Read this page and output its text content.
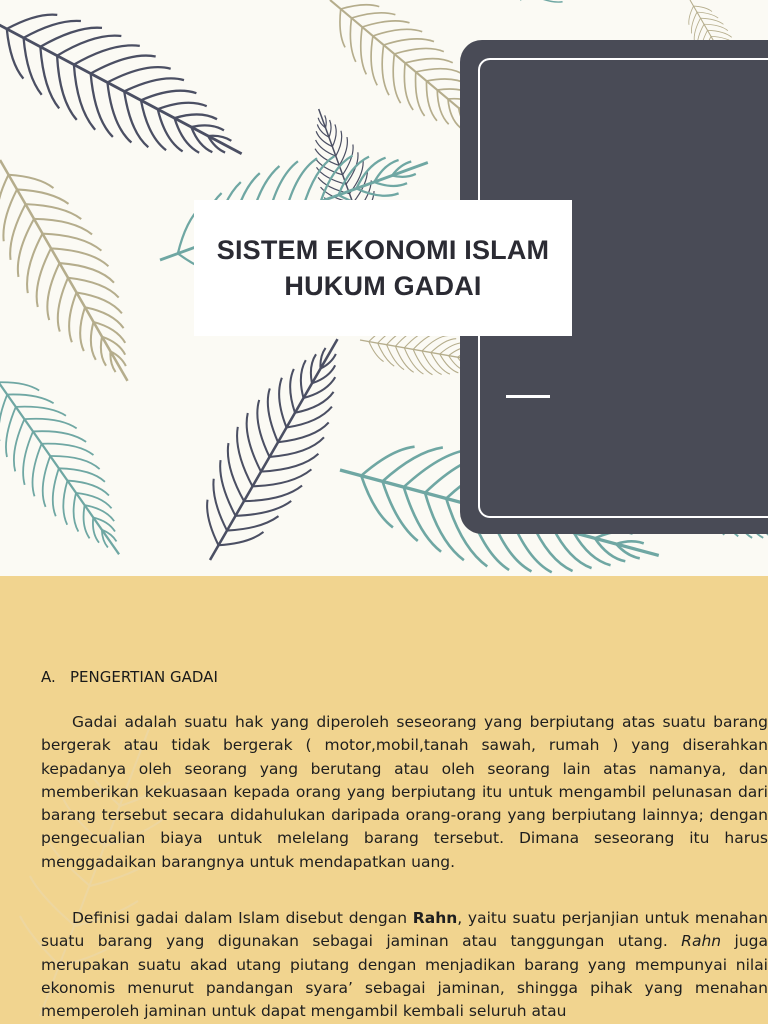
SISTEM EKONOMI ISLAM
HUKUM GADAI
A. PENGERTIAN GADAI

Gadai adalah suatu hak yang diperoleh seseorang yang berpiutang atas suatu barang bergerak atau tidak bergerak ( motor,mobil,tanah sawah, rumah ) yang diserahkan kepadanya oleh seorang yang berutang atau oleh seorang lain atas namanya, dan memberikan kekuasaan kepada orang yang berpiutang itu untuk mengambil pelunasan dari barang tersebut secara didahulukan daripada orang-orang yang berpiutang lainnya; dengan pengecualian biaya untuk melelang barang tersebut. Dimana seseorang itu harus menggadaikan barangnya untuk mendapatkan uang.

Definisi gadai dalam Islam disebut dengan Rahn, yaitu suatu perjanjian untuk menahan suatu barang yang digunakan sebagai jaminan atau tanggungan utang. Rahn juga merupakan suatu akad utang piutang dengan menjadikan barang yang mempunyai nilai ekonomis menurut pandangan syara’ sebagai jaminan, shingga pihak yang menahan memperoleh jaminan untuk dapat mengambil kembali seluruh atau
